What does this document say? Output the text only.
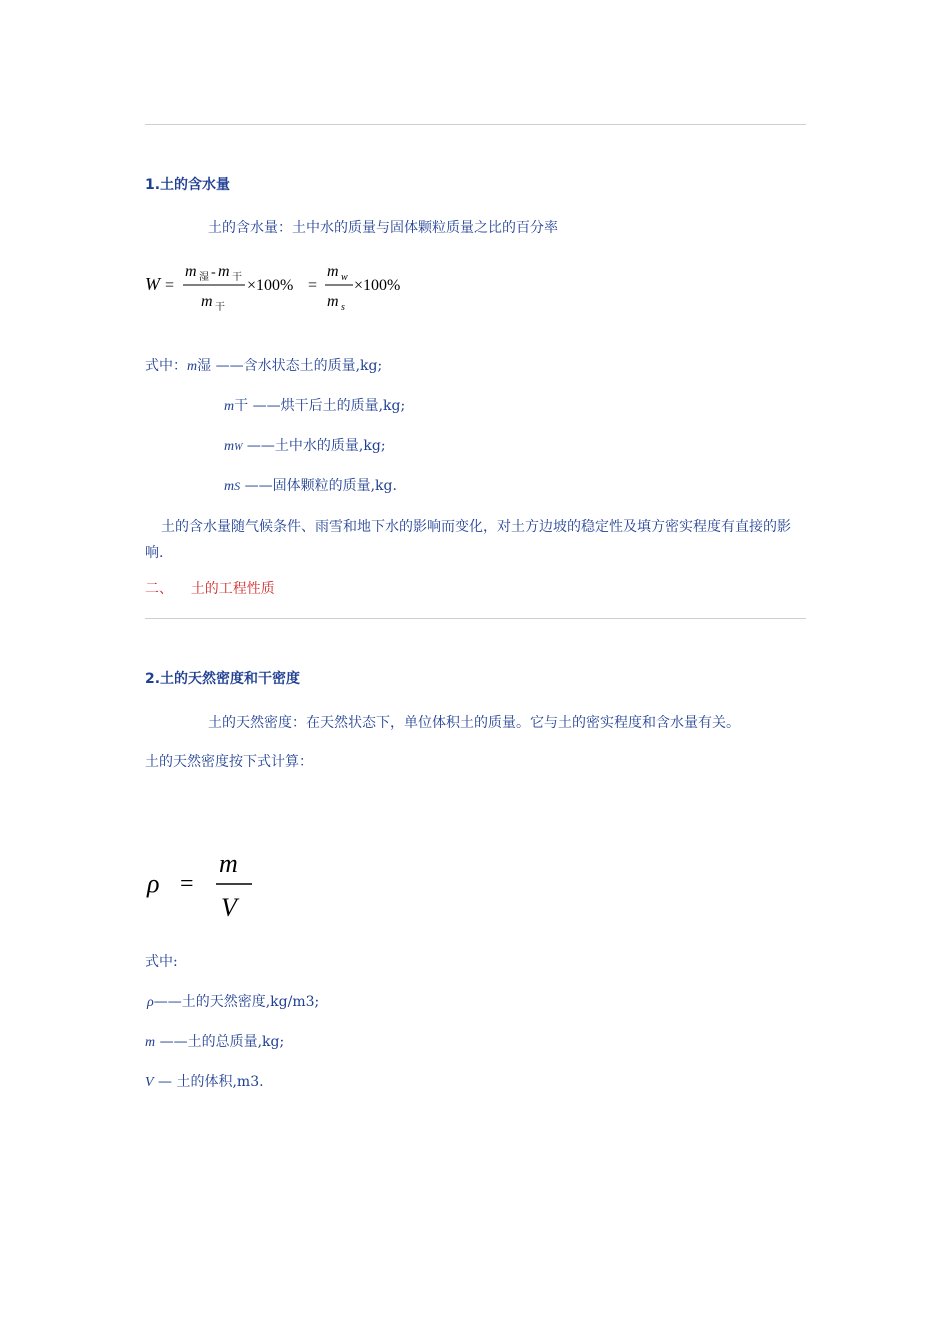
1.土的含水量
土的含水量：土中水的质量与固体颗粒质量之比的百分率
W =
m 湿 - m 干
m 干
×100% =
m w
m s
×100%
式中：m湿 ——含水状态土的质量,kg;
m干 ——烘干后土的质量,kg;
mW ——土中水的质量,kg;
mS ——固体颗粒的质量,kg.
土的含水量随气候条件、雨雪和地下水的影响而变化，对土方边坡的稳定性及填方密实程度有直接的影响.
二、 土的工程性质
2.土的天然密度和干密度
土的天然密度：在天然状态下，单位体积土的质量。它与土的密实程度和含水量有关。
土的天然密度按下式计算：
ρ =
m
V
式中:
ρ——土的天然密度,kg/m3;
m ——土的总质量,kg;
V — 土的体积,m3.
